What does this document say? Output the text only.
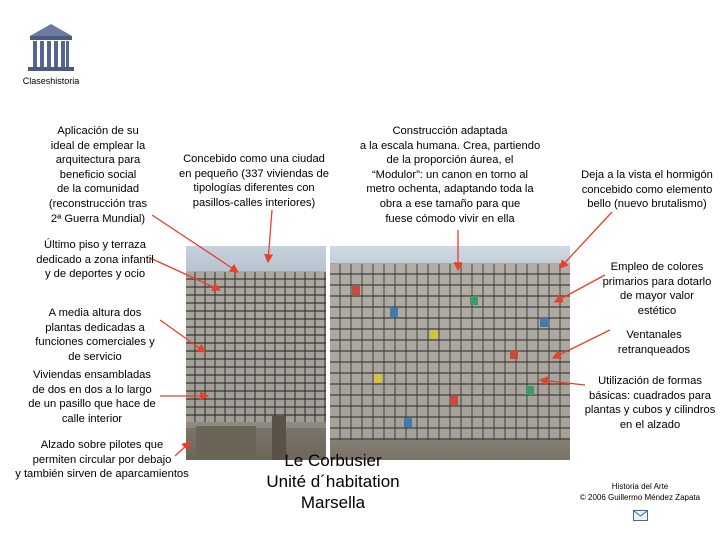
Claseshistoria
Aplicación de su
ideal de emplear la
arquitectura para
beneficio social
de la comunidad
(reconstrucción tras
2ª Guerra Mundial)
Concebido como una ciudad
en pequeño (337 viviendas de
tipologías diferentes con
pasillos-calles interiores)
Construcción adaptada
a la escala humana. Crea, partiendo
de la proporción áurea, el
“Modulor”: un canon en torno al
metro ochenta, adaptando toda la
obra a ese tamaño para que
fuese cómodo vivir en ella
Deja a la vista el hormigón
concebido como elemento
bello (nuevo brutalismo)
Último piso y terraza
dedicado a zona infantil
y de deportes y ocio
A media altura dos
plantas dedicadas a
funciones comerciales y
de servicio
Viviendas ensambladas
de dos en dos a lo largo
de un pasillo que hace de
calle interior
Alzado sobre pilotes que
permiten circular por debajo
y también sirven de aparcamientos
Empleo de colores
primarios para dotarlo
de mayor valor
estético
Ventanales
retranqueados
Utilización de formas
básicas: cuadrados para
plantas y cubos y cilindros
en el alzado
Le Corbusier
Unité d´habitation
Marsella
Historia del Arte
© 2006 Guillermo Méndez Zapata
